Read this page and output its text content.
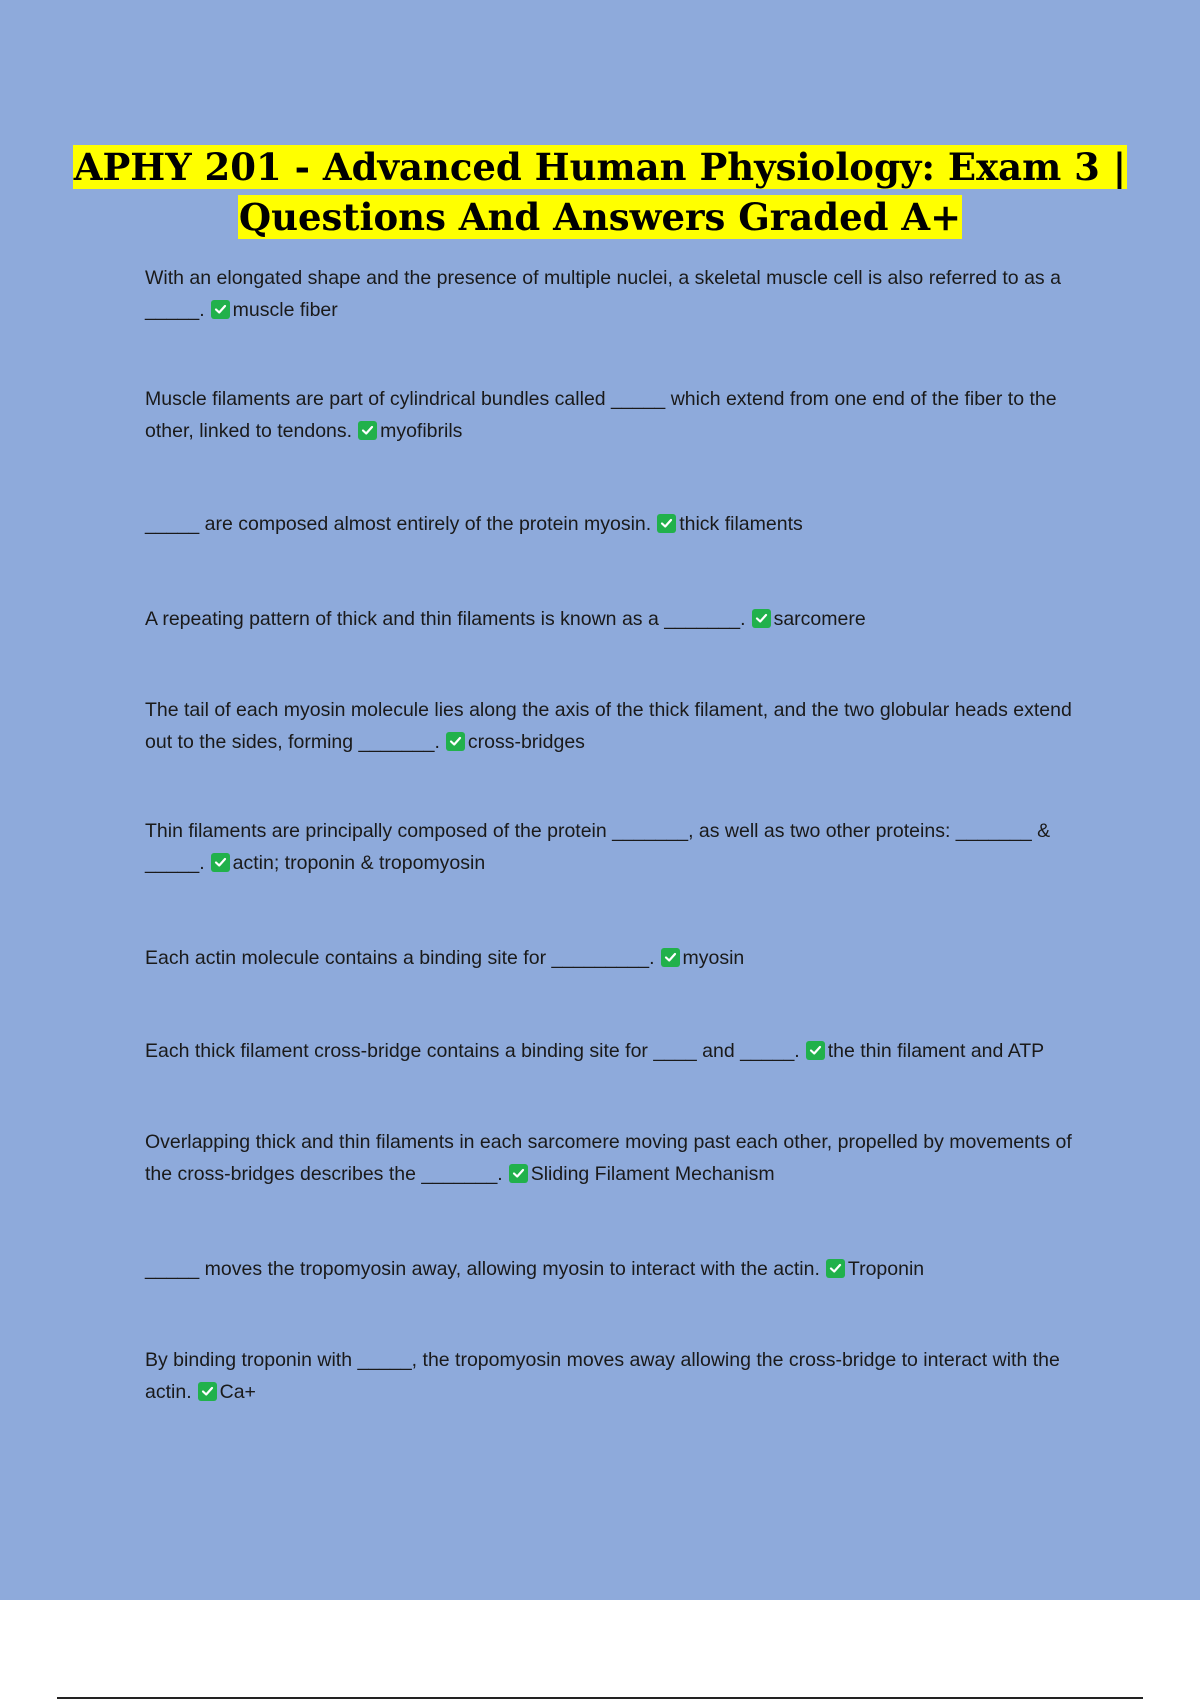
APHY 201 - Advanced Human Physiology: Exam 3 |
Questions And Answers Graded A+
With an elongated shape and the presence of multiple nuclei, a skeletal muscle cell is also referred to as a _____. muscle fiber
Muscle filaments are part of cylindrical bundles called _____ which extend from one end of the fiber to the other, linked to tendons. myofibrils
_____ are composed almost entirely of the protein myosin. thick filaments
A repeating pattern of thick and thin filaments is known as a _______. sarcomere
The tail of each myosin molecule lies along the axis of the thick filament, and the two globular heads extend out to the sides, forming _______. cross-bridges
Thin filaments are principally composed of the protein _______, as well as two other proteins: _______ & _____. actin; troponin & tropomyosin
Each actin molecule contains a binding site for _________. myosin
Each thick filament cross-bridge contains a binding site for ____ and _____. the thin filament and ATP
Overlapping thick and thin filaments in each sarcomere moving past each other, propelled by movements of the cross-bridges describes the _______. Sliding Filament Mechanism
_____ moves the tropomyosin away, allowing myosin to interact with the actin. Troponin
By binding troponin with _____, the tropomyosin moves away allowing the cross-bridge to interact with the actin. Ca+
